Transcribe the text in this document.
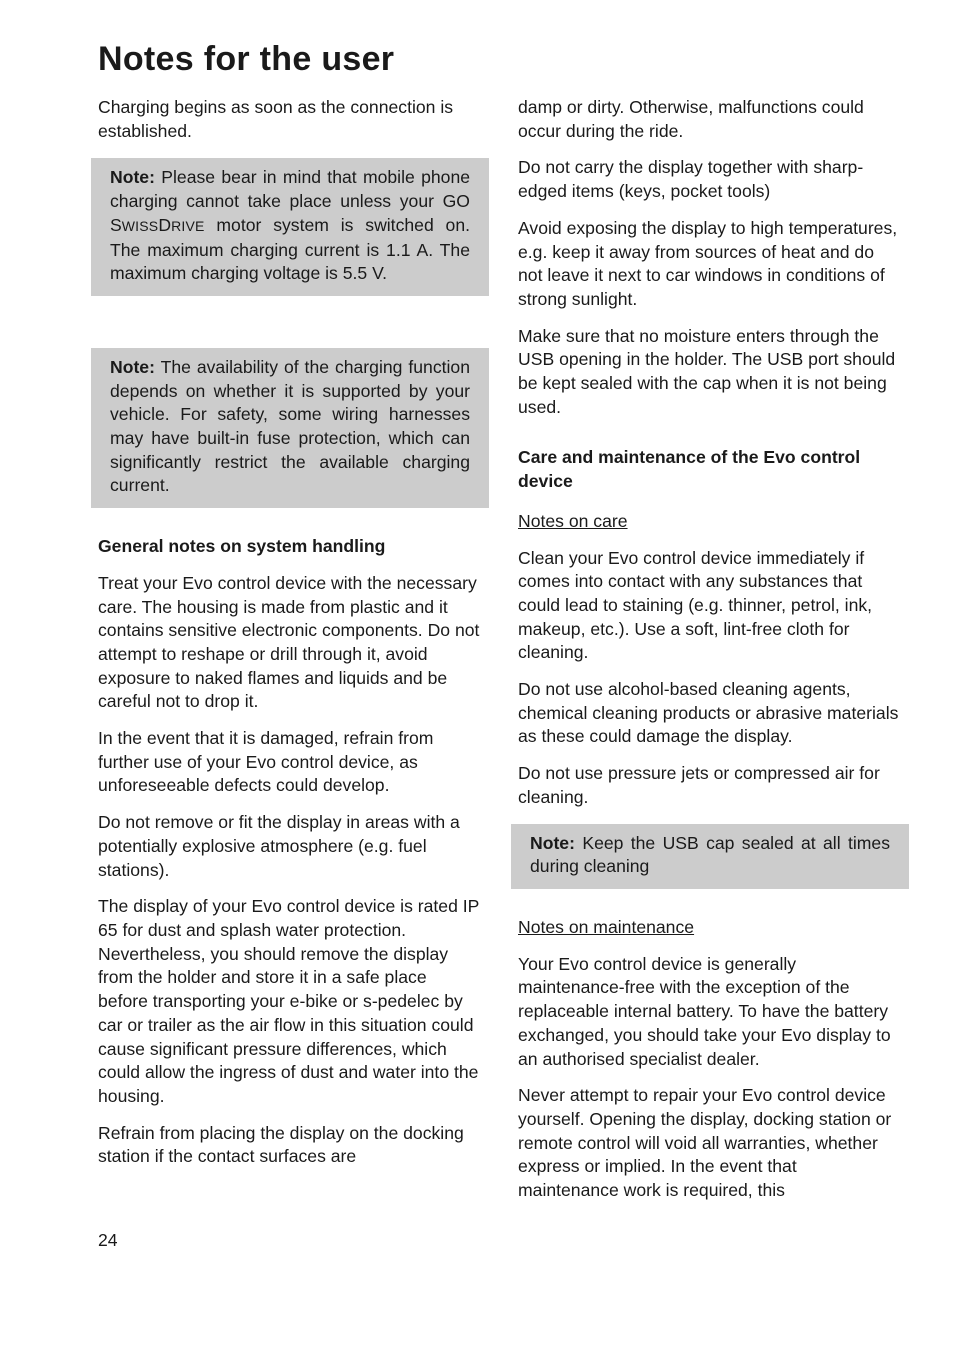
Notes for the user

Charging begins as soon as the connection is established.

Note: Please bear in mind that mobile phone charging cannot take place unless your GO SWISSDRIVE motor system is switched on. The maximum charging current is 1.1 A. The maximum charging voltage is 5.5 V.

Note: The availability of the charging function depends on whether it is supported by your vehicle. For safety, some wiring harnesses may have built-in fuse protection, which can significantly restrict the available charging current.

General notes on system handling

Treat your Evo control device with the necessary care. The housing is made from plastic and it contains sensitive electronic components. Do not attempt to reshape or drill through it, avoid exposure to naked flames and liquids and be careful not to drop it.

In the event that it is damaged, refrain from further use of your Evo control device, as unforeseeable defects could develop.

Do not remove or fit the display in areas with a potentially explosive atmosphere (e.g. fuel stations).

The display of your Evo control device is rated IP 65 for dust and splash water protection. Nevertheless, you should remove the display from the holder and store it in a safe place before transporting your e-bike or s-pedelec by car or trailer as the air flow in this situation could cause significant pressure differences, which could allow the ingress of dust and water into the housing.

Refrain from placing the display on the docking station if the contact surfaces are

damp or dirty. Otherwise, malfunctions could occur during the ride.

Do not carry the display together with sharp-edged items (keys, pocket tools)

Avoid exposing the display to high temperatures, e.g. keep it away from sources of heat and do not leave it next to car windows in conditions of strong sunlight.

Make sure that no moisture enters through the USB opening in the holder. The USB port should be kept sealed with the cap when it is not being used.

Care and maintenance of the Evo control device

Notes on care

Clean your Evo control device immediately if comes into contact with any substances that could lead to staining (e.g. thinner, petrol, ink, makeup, etc.). Use a soft, lint-free cloth for cleaning.

Do not use alcohol-based cleaning agents, chemical cleaning products or abrasive materials as these could damage the display.

Do not use pressure jets or compressed air for cleaning.

Note: Keep the USB cap sealed at all times during cleaning

Notes on maintenance

Your Evo control device is generally maintenance-free with the exception of the replaceable internal battery. To have the battery exchanged, you should take your Evo display to an authorised specialist dealer.

Never attempt to repair your Evo control device yourself. Opening the display, docking station or remote control will void all warranties, whether express or implied. In the event that maintenance work is required, this

24
